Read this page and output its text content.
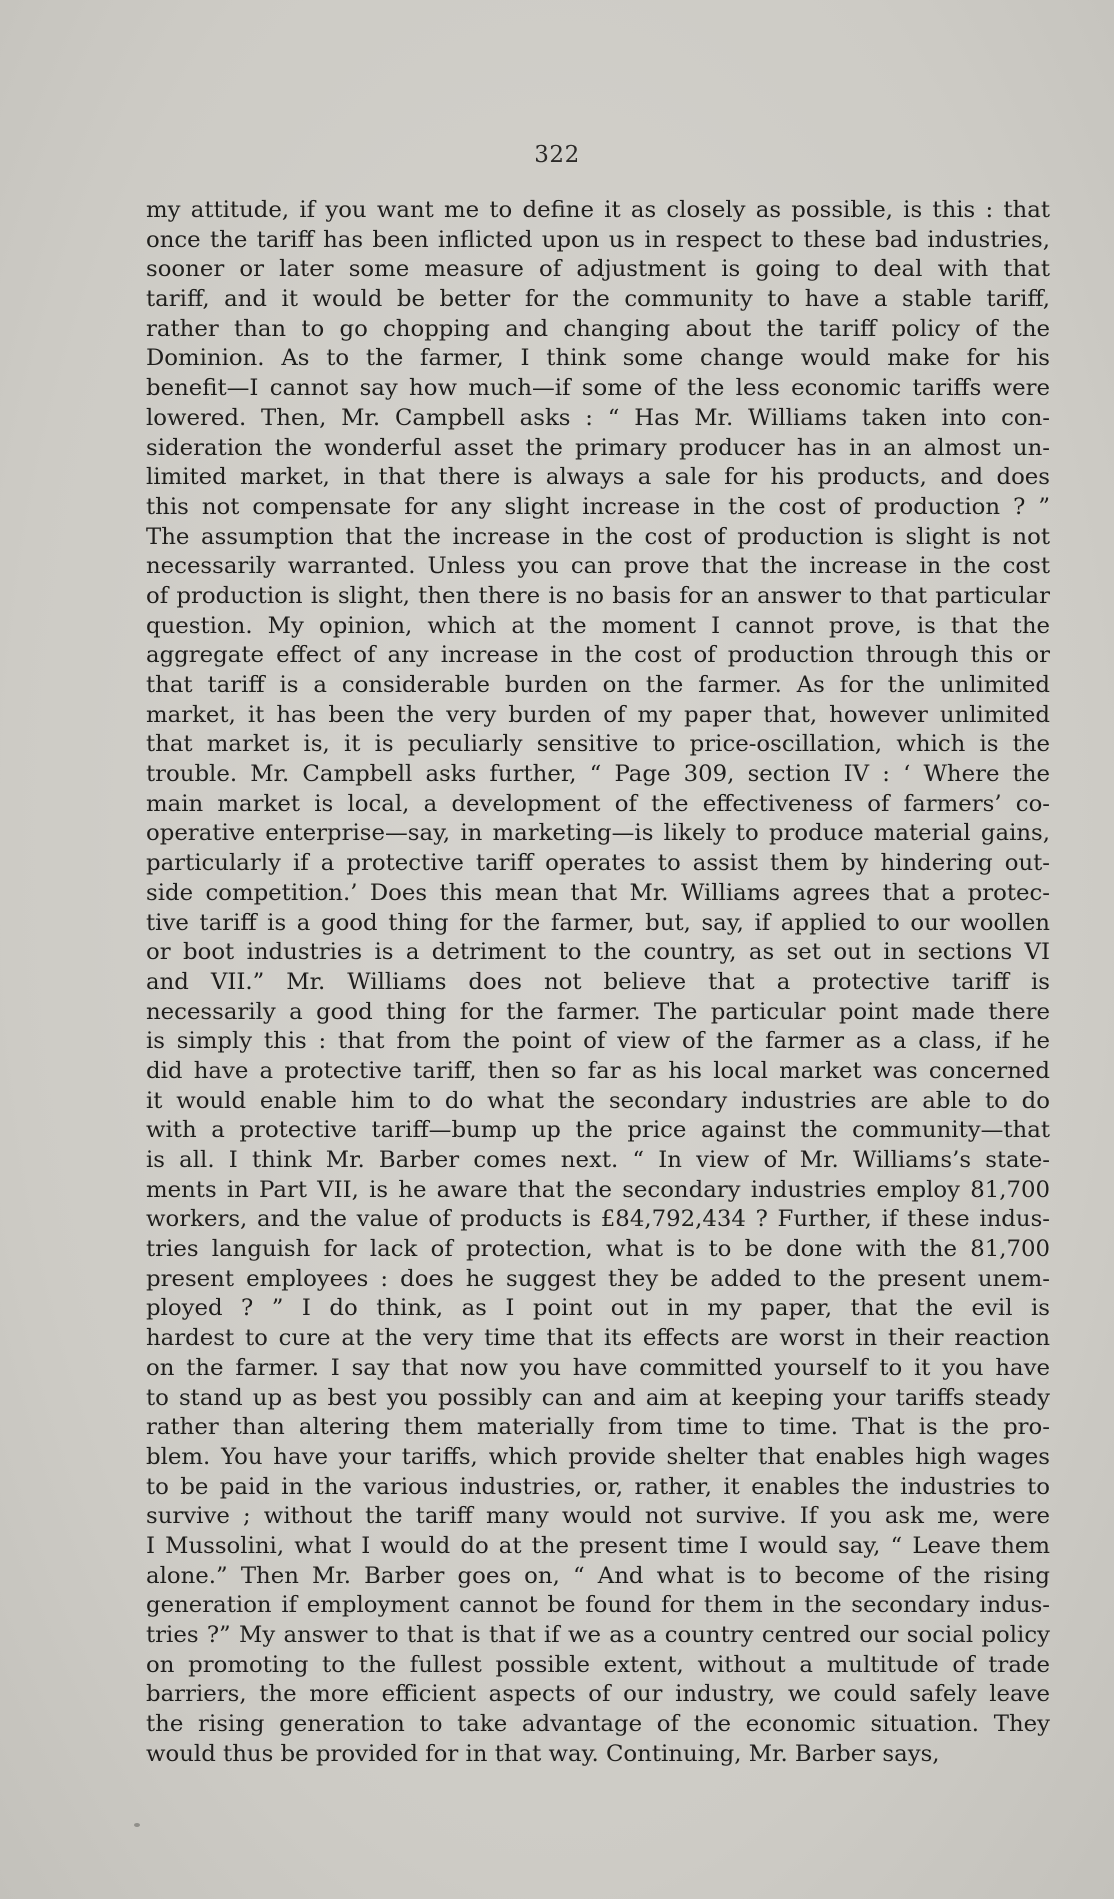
322
my attitude, if you want me to define it as closely as possible, is this : that
once the tariff has been inflicted upon us in respect to these bad industries,
sooner or later some measure of adjustment is going to deal with that
tariff, and it would be better for the community to have a stable tariff,
rather than to go chopping and changing about the tariff policy of the
Dominion. As to the farmer, I think some change would make for his
benefit—I cannot say how much—if some of the less economic tariffs were
lowered. Then, Mr. Campbell asks : “ Has Mr. Williams taken into con-
sideration the wonderful asset the primary producer has in an almost un-
limited market, in that there is always a sale for his products, and does
this not compensate for any slight increase in the cost of production ? ”
The assumption that the increase in the cost of production is slight is not
necessarily warranted. Unless you can prove that the increase in the cost
of production is slight, then there is no basis for an answer to that particular
question. My opinion, which at the moment I cannot prove, is that the
aggregate effect of any increase in the cost of production through this or
that tariff is a considerable burden on the farmer. As for the unlimited
market, it has been the very burden of my paper that, however unlimited
that market is, it is peculiarly sensitive to price-oscillation, which is the
trouble. Mr. Campbell asks further, “ Page 309, section IV : ‘ Where the
main market is local, a development of the effectiveness of farmers’ co-
operative enterprise—say, in marketing—is likely to produce material gains,
particularly if a protective tariff operates to assist them by hindering out-
side competition.’ Does this mean that Mr. Williams agrees that a protec-
tive tariff is a good thing for the farmer, but, say, if applied to our woollen
or boot industries is a detriment to the country, as set out in sections VI
and VII.” Mr. Williams does not believe that a protective tariff is
necessarily a good thing for the farmer. The particular point made there
is simply this : that from the point of view of the farmer as a class, if he
did have a protective tariff, then so far as his local market was concerned
it would enable him to do what the secondary industries are able to do
with a protective tariff—bump up the price against the community—that
is all. I think Mr. Barber comes next. “ In view of Mr. Williams’s state-
ments in Part VII, is he aware that the secondary industries employ 81,700
workers, and the value of products is £84,792,434 ? Further, if these indus-
tries languish for lack of protection, what is to be done with the 81,700
present employees : does he suggest they be added to the present unem-
ployed ? ” I do think, as I point out in my paper, that the evil is
hardest to cure at the very time that its effects are worst in their reaction
on the farmer. I say that now you have committed yourself to it you have
to stand up as best you possibly can and aim at keeping your tariffs steady
rather than altering them materially from time to time. That is the pro-
blem. You have your tariffs, which provide shelter that enables high wages
to be paid in the various industries, or, rather, it enables the industries to
survive ; without the tariff many would not survive. If you ask me, were
I Mussolini, what I would do at the present time I would say, “ Leave them
alone.” Then Mr. Barber goes on, “ And what is to become of the rising
generation if employment cannot be found for them in the secondary indus-
tries ?” My answer to that is that if we as a country centred our social policy
on promoting to the fullest possible extent, without a multitude of trade
barriers, the more efficient aspects of our industry, we could safely leave
the rising generation to take advantage of the economic situation. They
would thus be provided for in that way. Continuing, Mr. Barber says,
